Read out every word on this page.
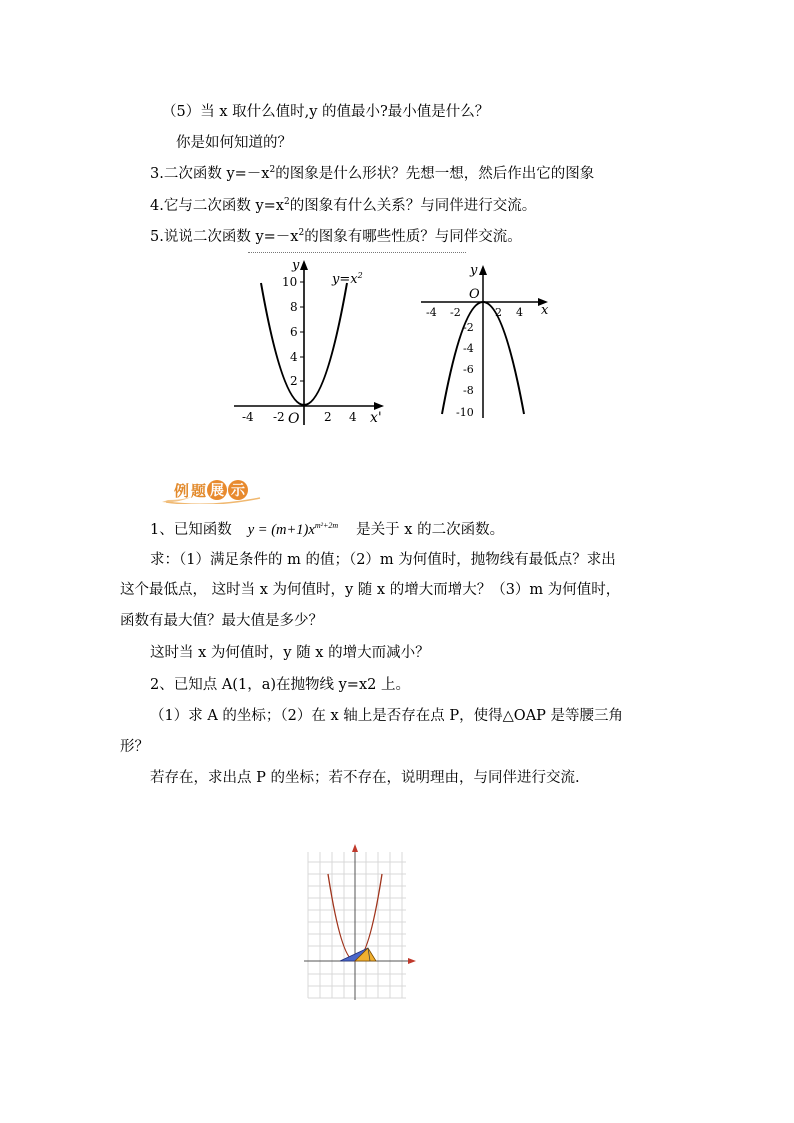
（5）当 x 取什么值时,y 的值最小?最小值是什么？
你是如何知道的？
3.二次函数 $y=-x^2$的图象是什么形状？先想一想，然后作出它的图象
4.它与二次函数 $y=x^2$的图象有什么关系？与同伴进行交流。
5.说说二次函数 $y=-x^2$的图象有哪些性质？与同伴交流。
y
$y=x^2$
10
8
6
4
2
-4 -2 O 2 4 x'
y
O
x
-4 -2	2 4
-2
-4
-6
-8
-10
例 题 展 示
1、已知函数 $y = (m+1)x^{m^2+2m}$ 是关于 x 的二次函数。
求：（1）满足条件的 m 的值；（2）m 为何值时，抛物线有最低点？求出
这个最低点， 这时当 x 为何值时，y 随 x 的增大而增大？（3）m 为何值时，
函数有最大值？最大值是多少？
这时当 x 为何值时，y 随 x 的增大而减小？
2、已知点 A(1，a)在抛物线 y=x2 上。
（1）求 A 的坐标；（2）在 x 轴上是否存在点 P，使得△OAP 是等腰三角
形？
若存在，求出点 P 的坐标；若不存在，说明理由，与同伴进行交流.
